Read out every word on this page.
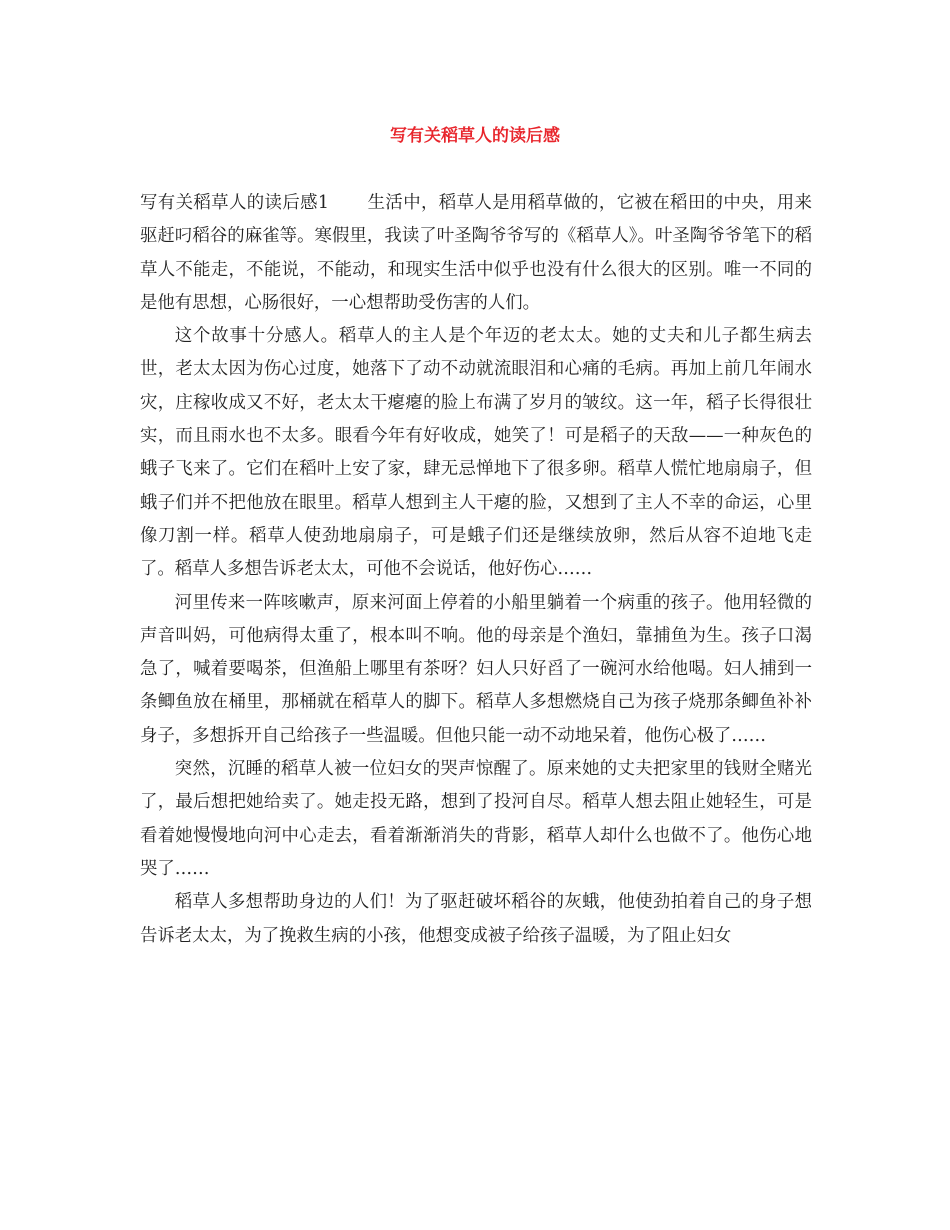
写有关稻草人的读后感

写有关稻草人的读后感1 生活中，稻草人是用稻草做的，它被在稻田的中央，用来驱赶叼稻谷的麻雀等。寒假里，我读了叶圣陶爷爷写的《稻草人》。叶圣陶爷爷笔下的稻草人不能走，不能说，不能动，和现实生活中似乎也没有什么很大的区别。唯一不同的是他有思想，心肠很好，一心想帮助受伤害的人们。

这个故事十分感人。稻草人的主人是个年迈的老太太。她的丈夫和儿子都生病去世，老太太因为伤心过度，她落下了动不动就流眼泪和心痛的毛病。再加上前几年闹水灾，庄稼收成又不好，老太太干瘪瘪的脸上布满了岁月的皱纹。这一年，稻子长得很壮实，而且雨水也不太多。眼看今年有好收成，她笑了！可是稻子的天敌——一种灰色的蛾子飞来了。它们在稻叶上安了家，肆无忌惮地下了很多卵。稻草人慌忙地扇扇子，但蛾子们并不把他放在眼里。稻草人想到主人干瘪的脸，又想到了主人不幸的命运，心里像刀割一样。稻草人使劲地扇扇子，可是蛾子们还是继续放卵，然后从容不迫地飞走了。稻草人多想告诉老太太，可他不会说话，他好伤心……

河里传来一阵咳嗽声，原来河面上停着的小船里躺着一个病重的孩子。他用轻微的声音叫妈，可他病得太重了，根本叫不响。他的母亲是个渔妇，靠捕鱼为生。孩子口渴急了，喊着要喝茶，但渔船上哪里有茶呀？妇人只好舀了一碗河水给他喝。妇人捕到一条鲫鱼放在桶里，那桶就在稻草人的脚下。稻草人多想燃烧自己为孩子烧那条鲫鱼补补身子，多想拆开自己给孩子一些温暖。但他只能一动不动地呆着，他伤心极了……

突然，沉睡的稻草人被一位妇女的哭声惊醒了。原来她的丈夫把家里的钱财全赌光了，最后想把她给卖了。她走投无路，想到了投河自尽。稻草人想去阻止她轻生，可是看着她慢慢地向河中心走去，看着渐渐消失的背影，稻草人却什么也做不了。他伤心地哭了……

稻草人多想帮助身边的人们！为了驱赶破坏稻谷的灰蛾，他使劲拍着自己的身子想告诉老太太，为了挽救生病的小孩，他想变成被子给孩子温暖，为了阻止妇女
